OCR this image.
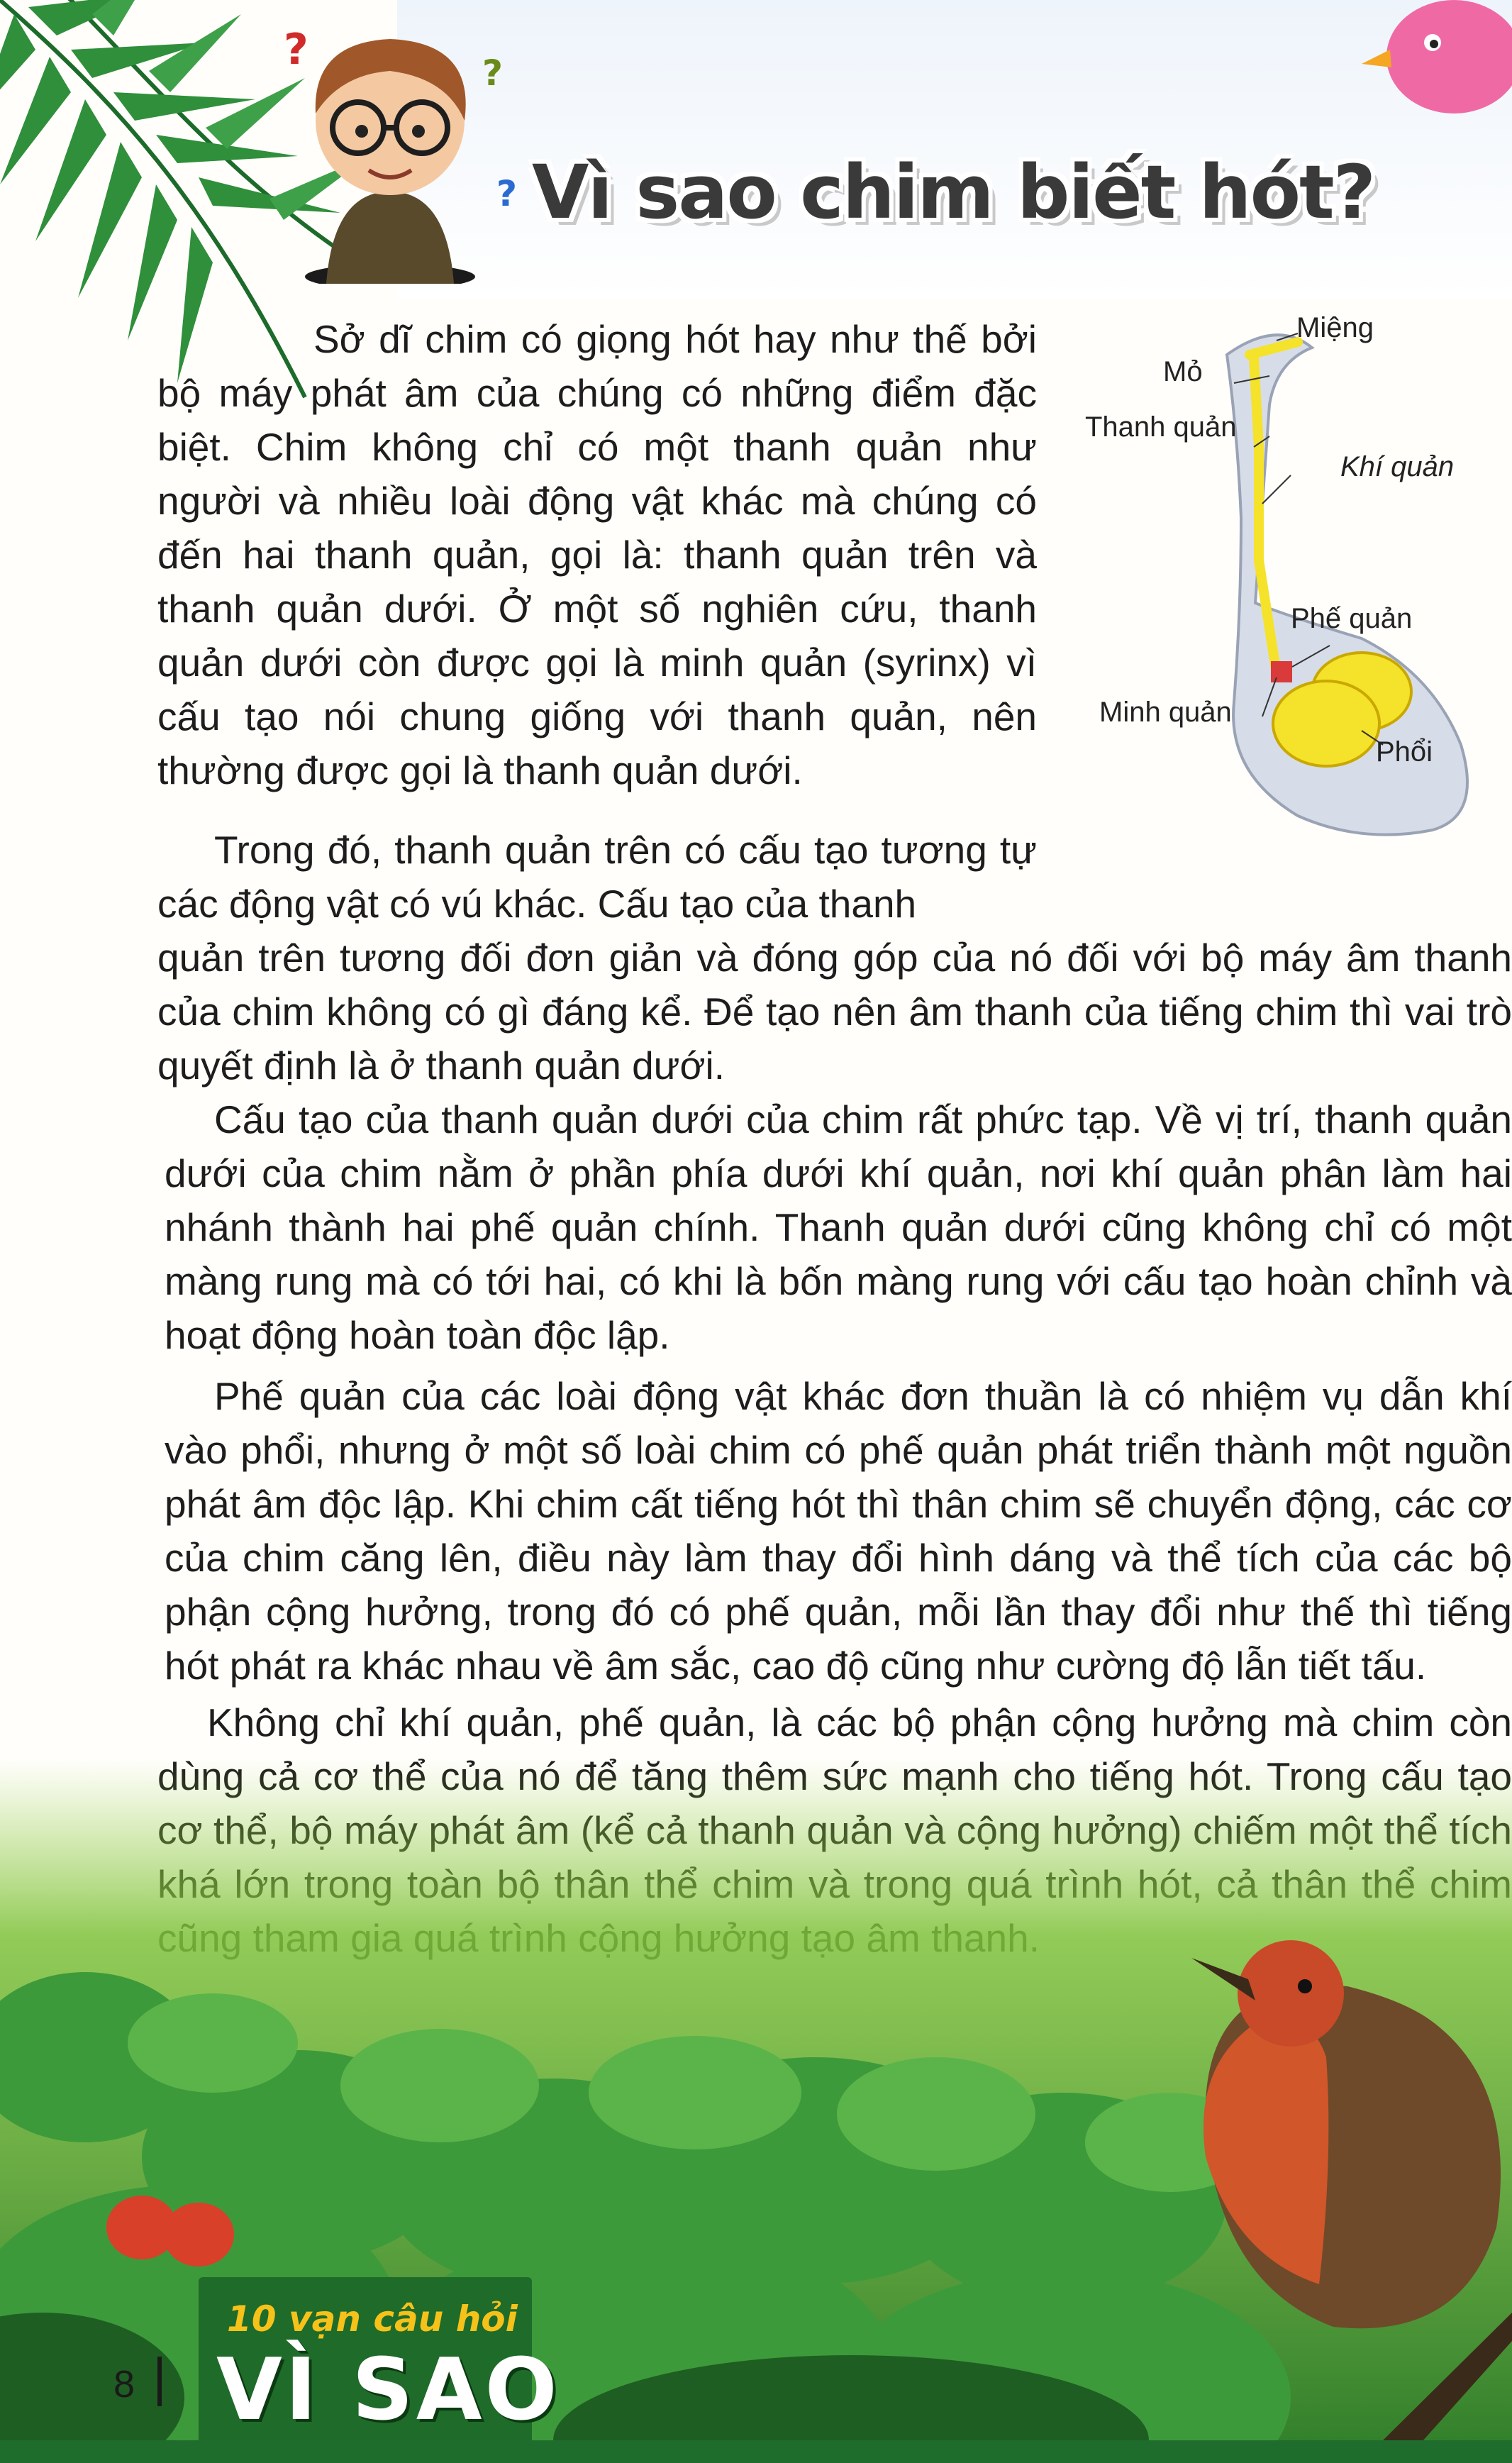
?	?
? Vì sao chim biết hót?

Sở dĩ chim có giọng hót hay như thế bởi bộ máy phát âm của chúng có những điểm đặc biệt. Chim không chỉ có một thanh quản như người và nhiều loài động vật khác mà chúng có đến hai thanh quản, gọi là: thanh quản trên và thanh quản dưới. Ở một số nghiên cứu, thanh quản dưới còn được gọi là minh quản (syrinx) vì cấu tạo nói chung giống với thanh quản, nên thường được gọi là thanh quản dưới.

Trong đó, thanh quản trên có cấu tạo tương tự các động vật có vú khác. Cấu tạo của thanh

quản trên tương đối đơn giản và đóng góp của nó đối với bộ máy âm thanh của chim không có gì đáng kể. Để tạo nên âm thanh của tiếng chim thì vai trò quyết định là ở thanh quản dưới.

Cấu tạo của thanh quản dưới của chim rất phức tạp. Về vị trí, thanh quản dưới của chim nằm ở phần phía dưới khí quản, nơi khí quản phân làm hai nhánh thành hai phế quản chính. Thanh quản dưới cũng không chỉ có một màng rung mà có tới hai, có khi là bốn màng rung với cấu tạo hoàn chỉnh và hoạt động hoàn toàn độc lập.

Phế quản của các loài động vật khác đơn thuần là có nhiệm vụ dẫn khí vào phổi, nhưng ở một số loài chim có phế quản phát triển thành một nguồn phát âm độc lập. Khi chim cất tiếng hót thì thân chim sẽ chuyển động, các cơ của chim căng lên, điều này làm thay đổi hình dáng và thể tích của các bộ phận cộng hưởng, trong đó có phế quản, mỗi lần thay đổi như thế thì tiếng hót phát ra khác nhau về âm sắc, cao độ cũng như cường độ lẫn tiết tấu.

Không chỉ khí quản, phế quản, là các bộ phận cộng hưởng mà chim còn

Miệng
Mỏ
Thanh quản
Khí quản
Phế quản
Minh quản
Phổi
8
10 vạn câu hỏi
VÌ SAO
